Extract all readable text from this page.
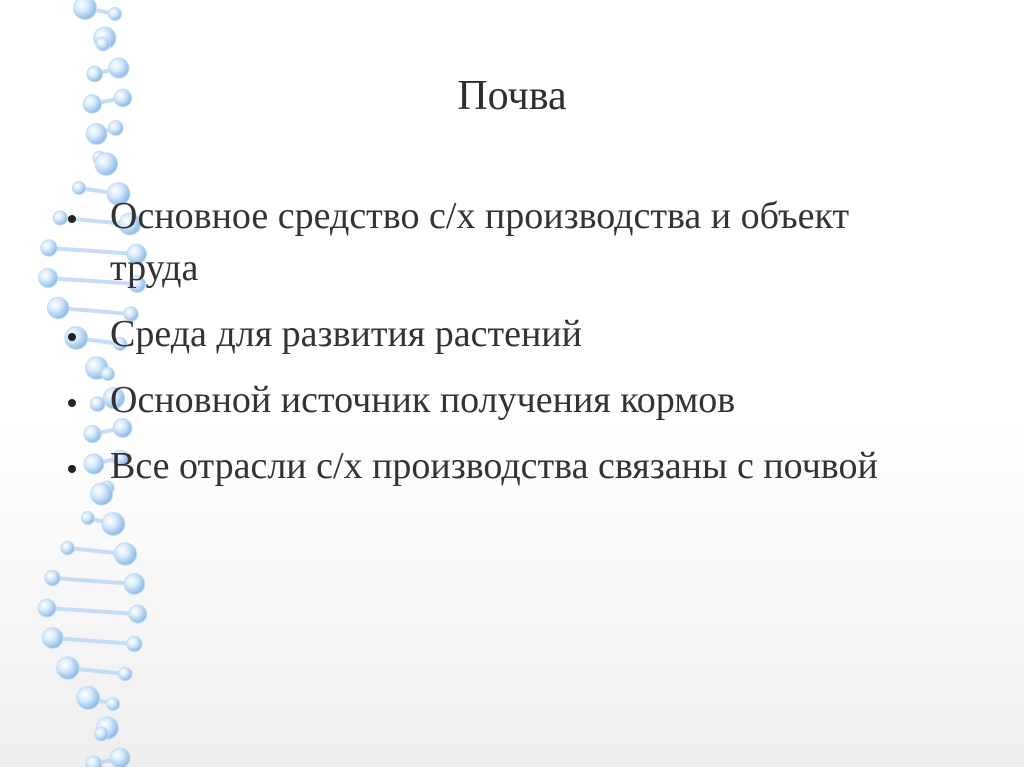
Почва
Основное средство с/х производства и объект труда
Среда для развития растений
Основной источник получения кормов
Все отрасли с/х производства связаны с почвой
